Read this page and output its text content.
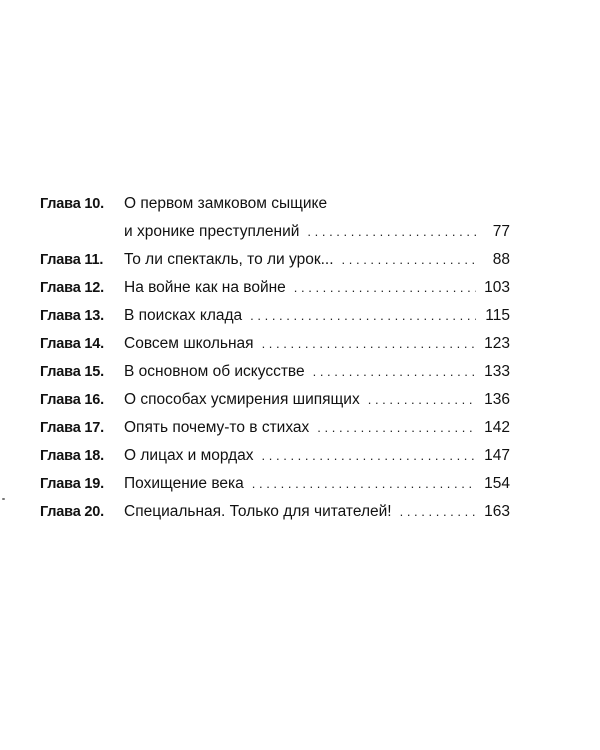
Глава 10. О первом замковом сыщике
и хронике преступлений . . .	77
Глава 11. То ли спектакль, то ли урок... . . .	88
Глава 12. На войне как на войне . . .	103
Глава 13. В поисках клада . . .	115
Глава 14. Совсем школьная . . .	123
Глава 15. В основном об искусстве . . .	133
Глава 16. О способах усмирения шипящих . . .	136
Глава 17. Опять почему-то в стихах . . .	142
Глава 18. О лицах и мордах . . .	147
Глава 19. Похищение века . . .	154
Глава 20. Специальная. Только для читателей! . . .	163
